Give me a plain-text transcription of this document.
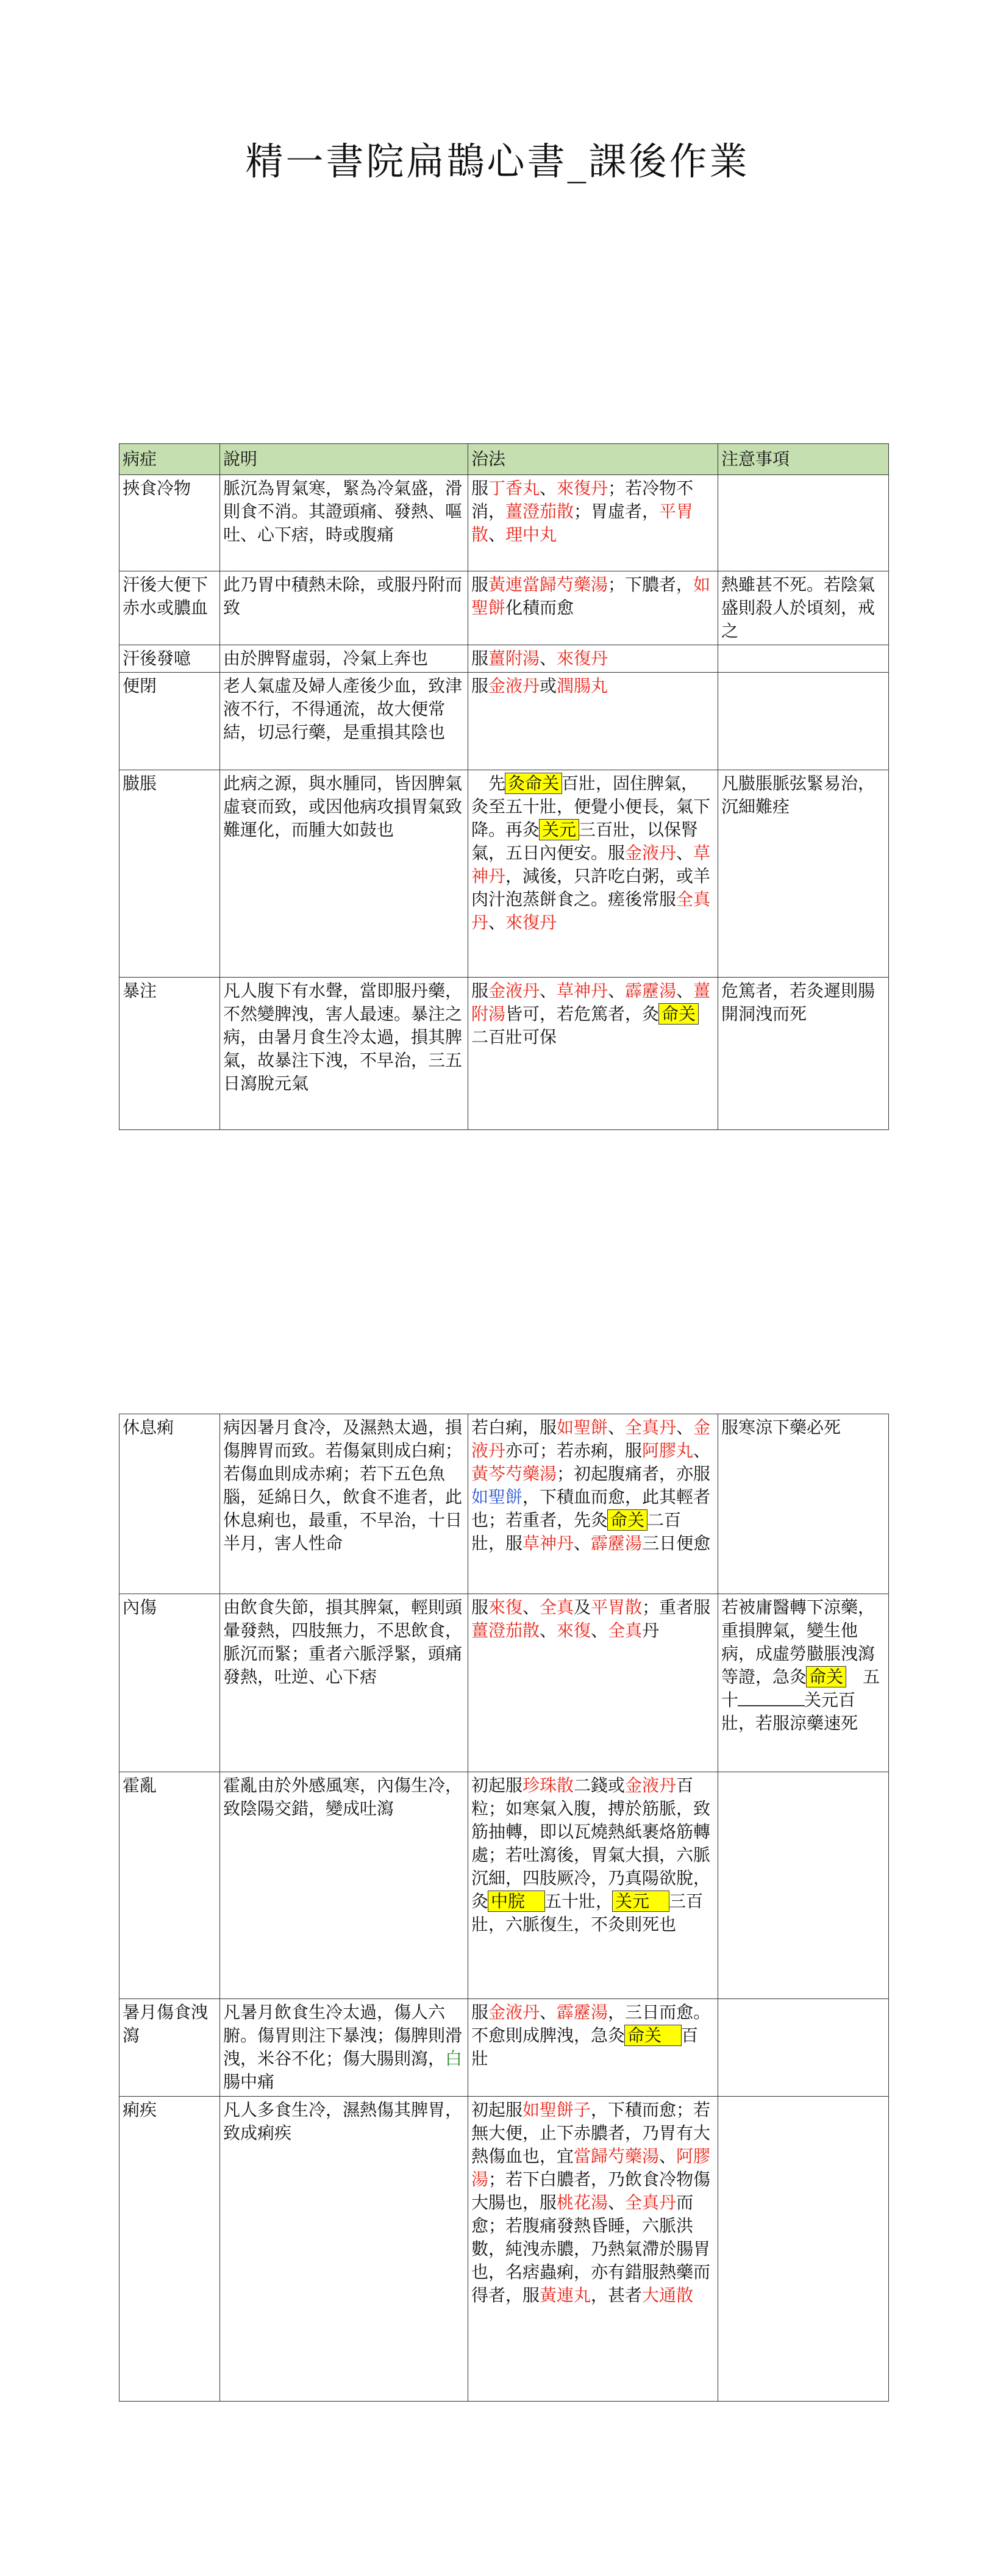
精一書院扁鵲心書_課後作業
病症	說明	治法	注意事項
挾食冷物	脈沉為胃氣寒，緊為冷氣盛，滑則食不消。其證頭痛、發熱、嘔吐、心下痞，時或腹痛	服丁香丸、來復丹；若冷物不消，薑澄茄散；胃虛者，平胃散、理中丸	
汗後大便下赤水或膿血	此乃胃中積熱未除，或服丹附而致	服黃連當歸芍藥湯；下膿者，如聖餅化積而愈	熱雖甚不死。若陰氣盛則殺人於頃刻，戒之
汗後發噫	由於脾腎虛弱，冷氣上奔也	服薑附湯、來復丹	
便閉	老人氣虛及婦人產後少血，致津液不行，不得通流，故大便常結，切忌行藥，是重損其陰也	服金液丹或潤腸丸	
臌脹	此病之源，與水腫同，皆因脾氣虛衰而致，或因他病攻損胃氣致難運化，而腫大如鼓也	　先 灸命关 百壯，固住脾氣，灸至五十壯，便覺小便長，氣下降。再灸 关元 三百壯，以保腎氣，五日內便安。服金液丹、草神丹，減後，只許吃白粥，或羊肉汁泡蒸餅食之。瘥後常服全真丹、來復丹	凡臌脹脈弦緊易治，沉細難痊
暴注	凡人腹下有水聲，當即服丹藥，不然變脾洩，害人最速。暴注之病，由暑月食生冷太過，損其脾氣，故暴注下洩，不早治，三五日瀉脫元氣	服金液丹、草神丹、霹靂湯、薑附湯皆可，若危篤者，灸 命关二百壯可保	危篤者，若灸遲則腸開洞洩而死
休息痢	病因暑月食冷，及濕熱太過，損傷脾胃而致。若傷氣則成白痢；若傷血則成赤痢；若下五色魚腦，延綿日久，飲食不進者，此休息痢也，最重，不早治，十日半月，害人性命	若白痢，服如聖餅、全真丹、金液丹亦可；若赤痢，服阿膠丸、黃芩芍藥湯；初起腹痛者，亦服如聖餅，下積血而愈，此其輕者也；若重者，先灸 命关 二百壯，服草神丹、霹靂湯三日便愈	服寒涼下藥必死
內傷	由飲食失節，損其脾氣，輕則頭暈發熱，四肢無力，不思飲食，脈沉而緊；重者六脈浮緊，頭痛發熱，吐逆、心下痞	服來復、全真及平胃散；重者服薑澄茄散、來復、全真丹	若被庸醫轉下涼藥，重損脾氣，變生他病，成虛勞臌脹洩瀉等證，急灸 命关　五十 关元百壯，若服涼藥速死
霍亂	霍亂由於外感風寒，內傷生冷，致陰陽交錯，變成吐瀉	初起服珍珠散二錢或金液丹百粒；如寒氣入腹，搏於筋脈，致筋抽轉，即以瓦燒熱紙裹烙筋轉處；若吐瀉後，胃氣大損，六脈沉細，四肢厥冷，乃真陽欲脫，灸 中脘　五十壯， 关元　三百壯，六脈復生，不灸則死也	
暑月傷食洩瀉	凡暑月飲食生冷太過，傷人六腑。傷胃則注下暴洩；傷脾則滑洩，米谷不化；傷大腸則瀉，白腸中痛	服金液丹、霹靂湯，三日而愈。不愈則成脾洩，急灸 命关　百壯	
痢疾	凡人多食生冷，濕熱傷其脾胃，致成痢疾	初起服如聖餅子，下積而愈；若無大便，止下赤膿者，乃胃有大熱傷血也，宜當歸芍藥湯、阿膠湯；若下白膿者，乃飲食冷物傷大腸也，服桃花湯、全真丹而愈；若腹痛發熱昏睡，六脈洪數，純洩赤膿，乃熱氣滯於腸胃也，名痞蟲痢，亦有錯服熱藥而得者，服黃連丸，甚者大通散	
